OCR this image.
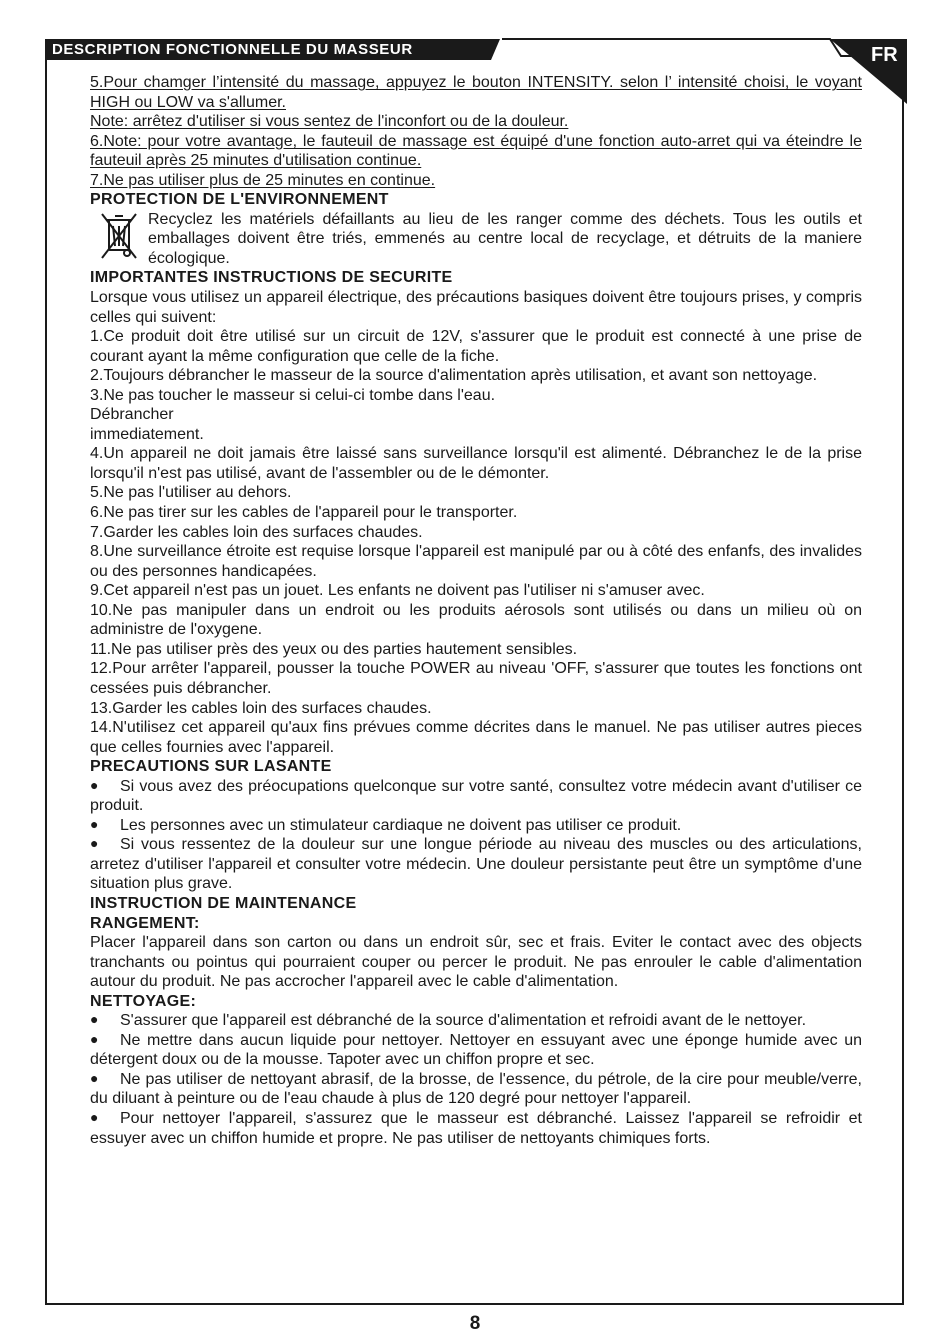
DESCRIPTION FONCTIONNELLE DU MASSEUR	FR

5.Pour chamger l’intensité du massage, appuyez le bouton INTENSITY. selon l’ intensité choisi, le voyant HIGH ou LOW va s'allumer.

Note: arrêtez d'utiliser si vous sentez de l'inconfort ou de la douleur.

6.Note: pour votre avantage, le fauteuil de massage est équipé d'une fonction auto-arret qui va éteindre le fauteuil après 25 minutes d'utilisation continue.

7.Ne pas utiliser plus de 25 minutes en continue.

PROTECTION DE L'ENVIRONNEMENT

Recyclez les matériels défaillants au lieu de les ranger comme des déchets. Tous les outils et emballages doivent être triés, emmenés au centre local de recyclage, et détruits de la maniere écologique.

IMPORTANTES INSTRUCTIONS DE SECURITE

Lorsque vous utilisez un appareil électrique, des précautions basiques doivent être toujours prises, y compris celles qui suivent:

1.Ce produit doit être utilisé sur un circuit de 12V, s'assurer que le produit est connecté à une prise de courant ayant la même configuration que celle de la fiche.

2.Toujours débrancher le masseur de la source d'alimentation après utilisation, et avant son nettoyage.

3.Ne pas toucher le masseur si celui-ci tombe dans l'eau.

Débrancher

immediatement.

4.Un appareil ne doit jamais être laissé sans surveillance lorsqu'il est alimenté. Débranchez le de la prise lorsqu'il n'est pas utilisé, avant de l'assembler ou de le démonter.

5.Ne pas l'utiliser au dehors.

6.Ne pas tirer sur les cables de l'appareil pour le transporter.

7.Garder les cables loin des surfaces chaudes.

8.Une surveillance étroite est requise lorsque l'appareil est manipulé par ou à côté des enfanfs, des invalides ou des personnes handicapées.

9.Cet appareil n'est pas un jouet. Les enfants ne doivent pas l'utiliser ni s'amuser avec.

10.Ne pas manipuler dans un endroit ou les produits aérosols sont utilisés ou dans un milieu où on administre de l'oxygene.

11.Ne pas utiliser près des yeux ou des parties hautement sensibles.

12.Pour arrêter l'appareil, pousser la touche POWER au niveau 'OFF, s'assurer que toutes les fonctions ont cessées puis débrancher.

13.Garder les cables loin des surfaces chaudes.

14.N'utilisez cet appareil qu'aux fins prévues comme décrites dans le manuel. Ne pas utiliser autres pieces que celles fournies avec l'appareil.

PRECAUTIONS SUR LASANTE

●Si vous avez des préocupations quelconque sur votre santé, consultez votre médecin avant d'utiliser ce produit.

●Les personnes avec un stimulateur cardiaque ne doivent pas utiliser ce produit.

●Si vous ressentez de la douleur sur une longue période au niveau des muscles ou des articulations, arretez d'utiliser l'appareil et consulter votre médecin. Une douleur persistante peut être un symptôme d'une situation plus grave.

INSTRUCTION DE MAINTENANCE

RANGEMENT:

Placer l'appareil dans son carton ou dans un endroit sûr, sec et frais. Eviter le contact avec des objects tranchants ou pointus qui pourraient couper ou percer le produit. Ne pas enrouler le cable d'alimentation autour du produit. Ne pas accrocher l'appareil avec le cable d'alimentation.

NETTOYAGE:

●S'assurer que l'appareil est débranché de la source d'alimentation et refroidi avant de le nettoyer.

●Ne mettre dans aucun liquide pour nettoyer. Nettoyer en essuyant avec une éponge humide avec un détergent doux ou de la mousse. Tapoter avec un chiffon propre et sec.

●Ne pas utiliser de nettoyant abrasif, de la brosse, de l'essence, du pétrole, de la cire pour meuble/verre, du diluant à peinture ou de l'eau chaude à plus de 120 degré pour nettoyer l'appareil.

●Pour nettoyer l'appareil, s'assurez que le masseur est débranché. Laissez l'appareil se refroidir et essuyer avec un chiffon humide et propre. Ne pas utiliser de nettoyants chimiques forts.

8
